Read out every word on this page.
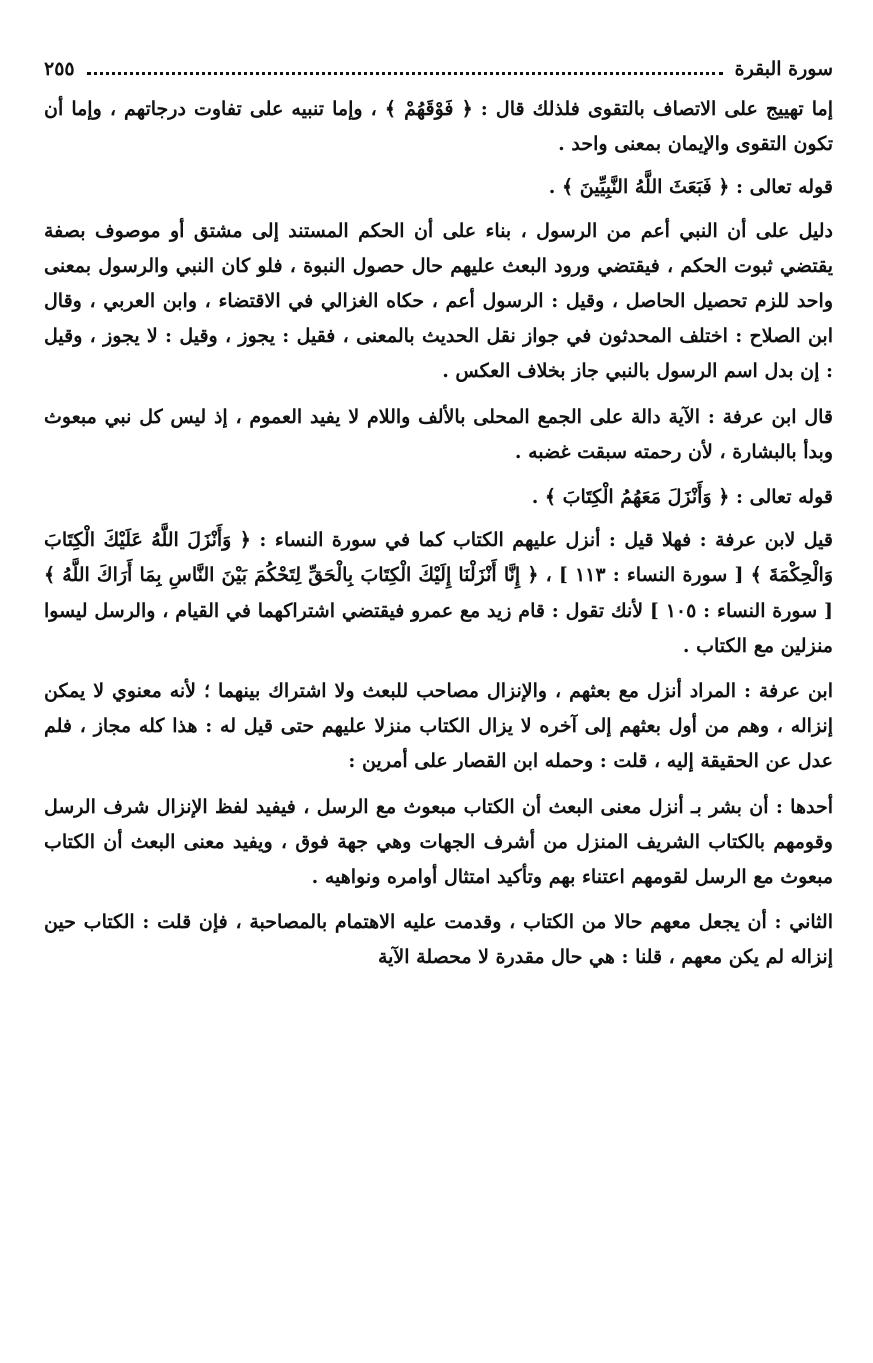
سورة البقرة
٢٥٥

إما تهييج على الاتصاف بالتقوى فلذلك قال : ﴿ فَوْقَهُمْ ﴾ ، وإما تنبيه على تفاوت درجاتهم ، وإما أن تكون التقوى والإيمان بمعنى واحد .

قوله تعالى : ﴿ فَبَعَثَ اللَّهُ النَّبِيِّينَ ﴾ .

دليل على أن النبي أعم من الرسول ، بناء على أن الحكم المستند إلى مشتق أو موصوف بصفة يقتضي ثبوت الحكم ، فيقتضي ورود البعث عليهم حال حصول النبوة ، فلو كان النبي والرسول بمعنى واحد للزم تحصيل الحاصل ، وقيل : الرسول أعم ، حكاه الغزالي في الاقتضاء ، وابن العربي ، وقال ابن الصلاح : اختلف المحدثون في جواز نقل الحديث بالمعنى ، فقيل : يجوز ، وقيل : لا يجوز ، وقيل : إن بدل اسم الرسول بالنبي جاز بخلاف العكس .

قال ابن عرفة : الآية دالة على الجمع المحلى بالألف واللام لا يفيد العموم ، إذ ليس كل نبي مبعوث وبدأ بالبشارة ، لأن رحمته سبقت غضبه .

قوله تعالى : ﴿ وَأَنْزَلَ مَعَهُمُ الْكِتَابَ ﴾ .

قيل لابن عرفة : فهلا قيل : أنزل عليهم الكتاب كما في سورة النساء : ﴿ وَأَنْزَلَ اللَّهُ عَلَيْكَ الْكِتَابَ وَالْحِكْمَةَ ﴾ [ سورة النساء : ١١٣ ] ، ﴿ إِنَّا أَنْزَلْنَا إِلَيْكَ الْكِتَابَ بِالْحَقِّ لِتَحْكُمَ بَيْنَ النَّاسِ بِمَا أَرَاكَ اللَّهُ ﴾ [ سورة النساء : ١٠٥ ] لأنك تقول : قام زيد مع عمرو فيقتضي اشتراكهما في القيام ، والرسل ليسوا منزلين مع الكتاب .

ابن عرفة : المراد أنزل مع بعثهم ، والإنزال مصاحب للبعث ولا اشتراك بينهما ؛ لأنه معنوي لا يمكن إنزاله ، وهم من أول بعثهم إلى آخره لا يزال الكتاب منزلا عليهم حتى قيل له : هذا كله مجاز ، فلم عدل عن الحقيقة إليه ، قلت : وحمله ابن القصار على أمرين :

أحدها : أن بشر بـ أنزل معنى البعث أن الكتاب مبعوث مع الرسل ، فيفيد لفظ الإنزال شرف الرسل وقومهم بالكتاب الشريف المنزل من أشرف الجهات وهي جهة فوق ، ويفيد معنى البعث أن الكتاب مبعوث مع الرسل لقومهم اعتناء بهم وتأكيد امتثال أوامره ونواهيه .

الثاني : أن يجعل معهم حالا من الكتاب ، وقدمت عليه الاهتمام بالمصاحبة ، فإن قلت : الكتاب حين إنزاله لم يكن معهم ، قلنا : هي حال مقدرة لا محصلة الآية
